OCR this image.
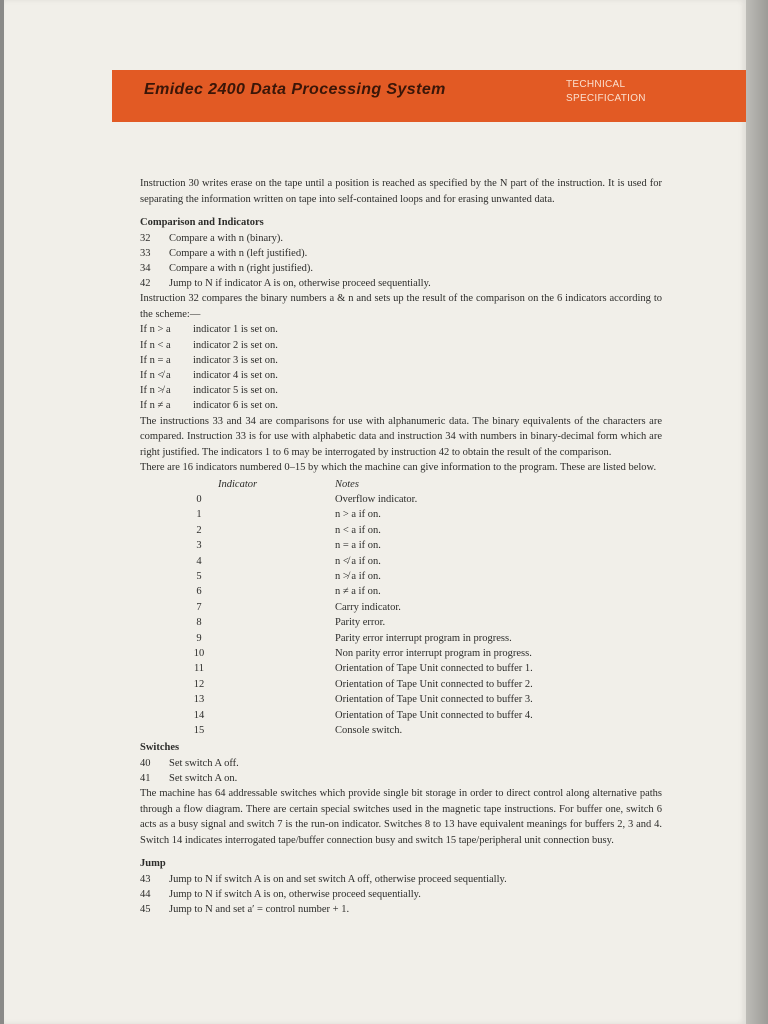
Emidec 2400 Data Processing System	TECHNICAL
SPECIFICATION

Instruction 30 writes erase on the tape until a position is reached as specified by the N part of the instruction. It is used for separating the information written on tape into self-contained loops and for erasing unwanted data.

Comparison and Indicators
32	Compare a with n (binary).
33	Compare a with n (left justified).
34	Compare a with n (right justified).
42	Jump to N if indicator A is on, otherwise proceed sequentially.

Instruction 32 compares the binary numbers a & n and sets up the result of the comparison on the 6 indicators according to the scheme:—

If n > a	indicator 1 is set on.
If n < a	indicator 2 is set on.
If n = a	indicator 3 is set on.
If n ≮ a	indicator 4 is set on.
If n ≯ a	indicator 5 is set on.
If n ≠ a	indicator 6 is set on.

The instructions 33 and 34 are comparisons for use with alphanumeric data. The binary equivalents of the characters are compared. Instruction 33 is for use with alphabetic data and instruction 34 with numbers in binary-decimal form which are right justified. The indicators 1 to 6 may be interrogated by instruction 42 to obtain the result of the comparison.

There are 16 indicators numbered 0–15 by which the machine can give information to the program. These are listed below.

Indicator	Notes
0	Overflow indicator.
1	n > a if on.
2	n < a if on.
3	n = a if on.
4	n ≮ a if on.
5	n ≯ a if on.
6	n ≠ a if on.
7	Carry indicator.
8	Parity error.
9	Parity error interrupt program in progress.
10	Non parity error interrupt program in progress.
11	Orientation of Tape Unit connected to buffer 1.
12	Orientation of Tape Unit connected to buffer 2.
13	Orientation of Tape Unit connected to buffer 3.
14	Orientation of Tape Unit connected to buffer 4.
15	Console switch.
Switches
40	Set switch A off.
41	Set switch A on.

The machine has 64 addressable switches which provide single bit storage in order to direct control along alternative paths through a flow diagram. There are certain special switches used in the magnetic tape instructions. For buffer one, switch 6 acts as a busy signal and switch 7 is the run-on indicator. Switches 8 to 13 have equivalent meanings for buffers 2, 3 and 4. Switch 14 indicates interrogated tape/buffer connection busy and switch 15 tape/peripheral unit connection busy.

Jump
43	Jump to N if switch A is on and set switch A off, otherwise proceed sequentially.
44	Jump to N if switch A is on, otherwise proceed sequentially.
45	Jump to N and set a′ = control number + 1.
